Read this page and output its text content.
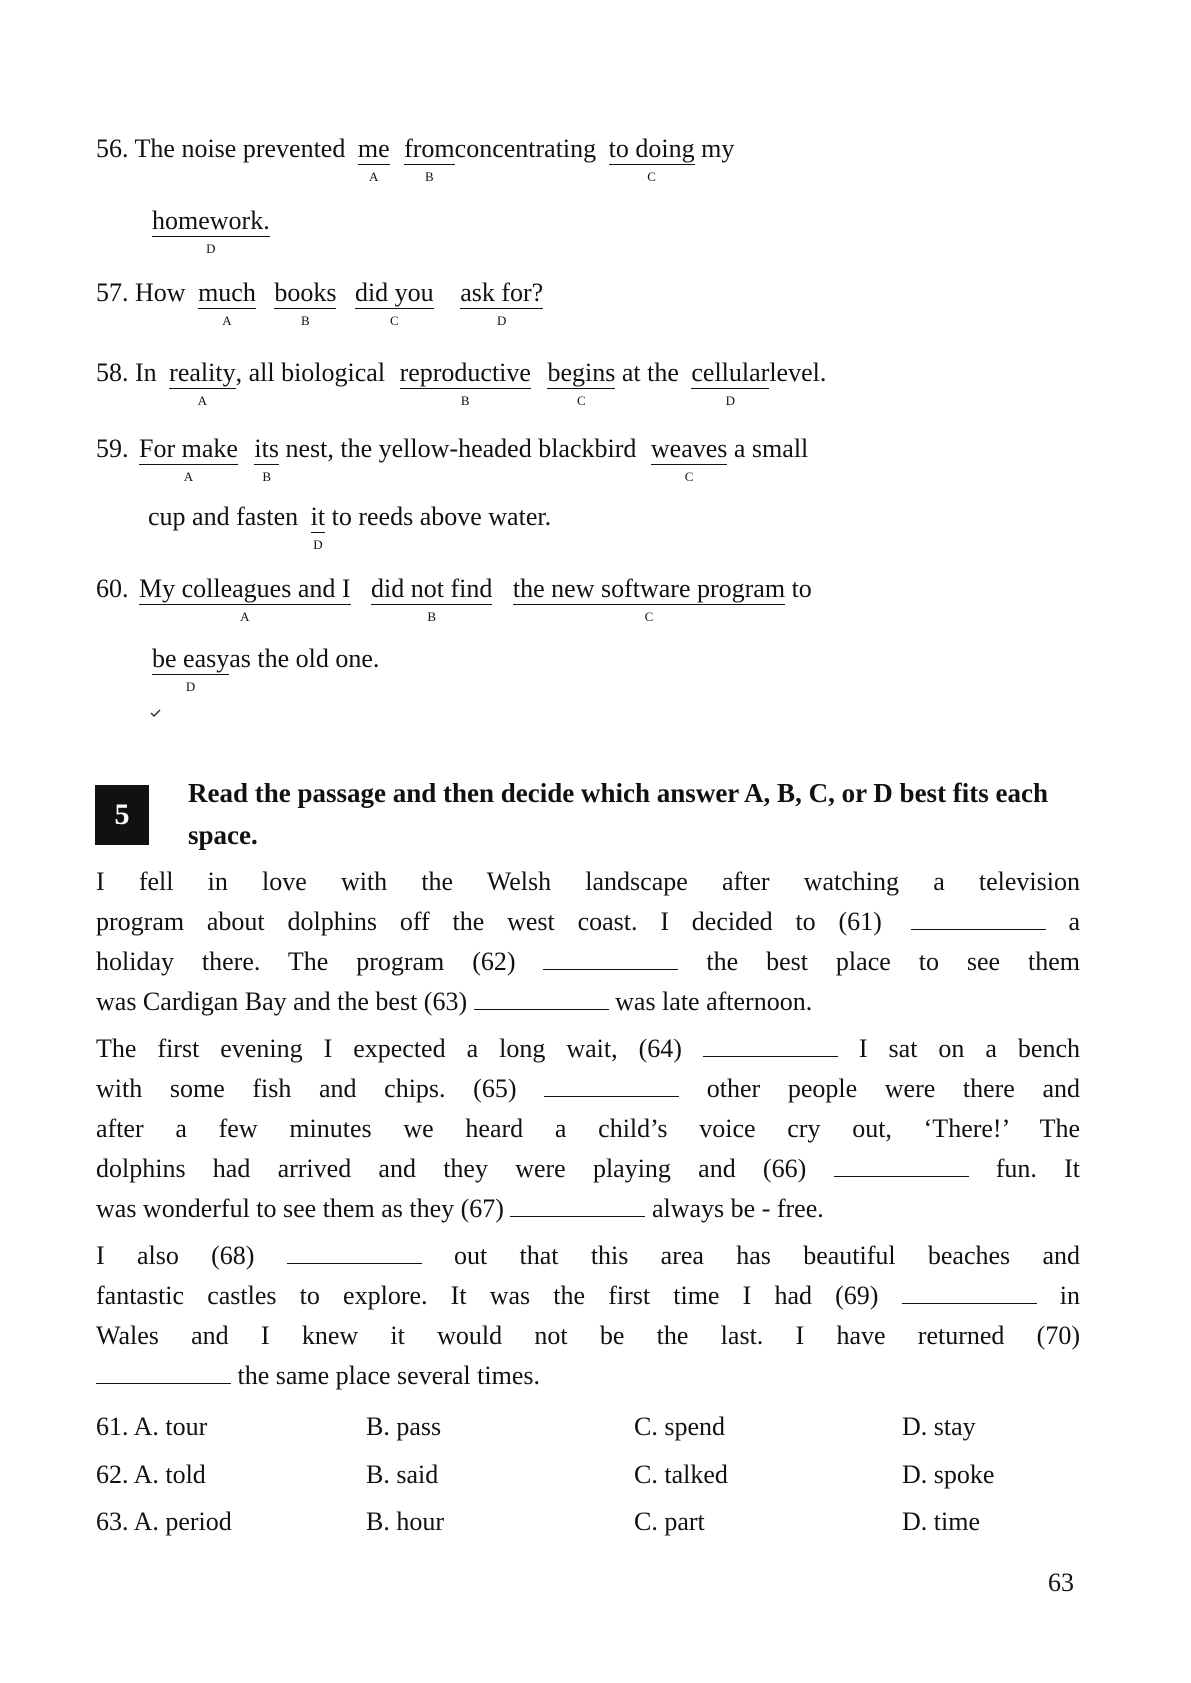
56. The noise prevented me
A
from
B
concentrating to doing
C
my
homework.
D
57. How much
A
books
B
did you
C
ask for?
D
58. In reality
A
, all biological reproductive
B
begins
C
at the cellular
D
level.
59. For make
A
its
B
nest, the yellow-headed blackbird weaves
C
a small
cup and fasten it
D
to reeds above water.
60. My colleagues and I
A
did not find
B
the new software program
C
to
be easy
D
as the old one.
5
Read the passage and then decide which answer A, B, C, or D best fits each space.
I fell in love with the Welsh landscape after watching a television
program about dolphins off the west coast. I decided to (61)	a
holiday there. The program (62)	the best place to see them
was Cardigan Bay and the best (63)	was late afternoon.
The first evening I expected a long wait, (64)	I sat on a bench
with some fish and chips. (65)	other people were there and
after a few minutes we heard a child’s voice cry out, ‘There!’ The
dolphins had arrived and they were playing and (66)	fun. It
was wonderful to see them as they (67)	always be - free.
I also (68)	out that this area has beautiful beaches and
fantastic castles to explore. It was the first time I had (69)	in
Wales and I knew it would not be the last. I have returned (70)
the same place several times.
61. A. tour	B. pass	C. spend	D. stay
62. A. told	B. said	C. talked	D. spoke
63. A. period	B. hour	C. part	D. time
63
